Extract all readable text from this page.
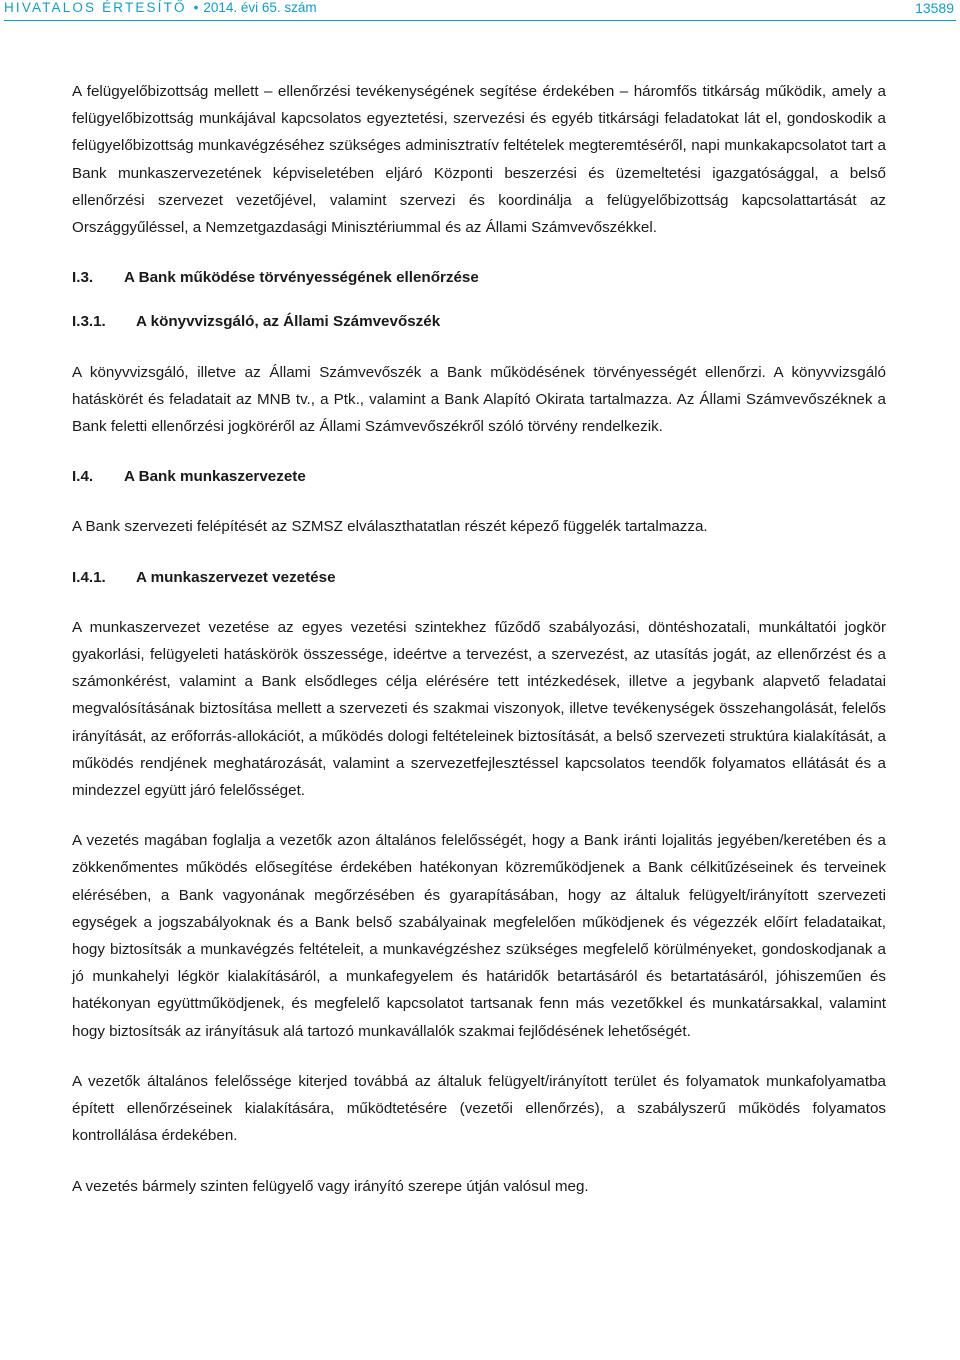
HIVATALOS ÉRTESÍTŐ • 2014. évi 65. szám	13589

A felügyelőbizottság mellett – ellenőrzési tevékenységének segítése érdekében – háromfős titkárság működik, amely a felügyelőbizottság munkájával kapcsolatos egyeztetési, szervezési és egyéb titkársági feladatokat lát el, gondoskodik a felügyelőbizottság munkavégzéséhez szükséges adminisztratív feltételek megteremtéséről, napi munkakapcsolatot tart a Bank munkaszervezetének képviseletében eljáró Központi beszerzési és üzemeltetési igazgatósággal, a belső ellenőrzési szervezet vezetőjével, valamint szervezi és koordinálja a felügyelőbizottság kapcsolattartását az Országgyűléssel, a Nemzetgazdasági Minisztériummal és az Állami Számvevőszékkel.

I.3. A Bank működése törvényességének ellenőrzése
I.3.1. A könyvvizsgáló, az Állami Számvevőszék

A könyvvizsgáló, illetve az Állami Számvevőszék a Bank működésének törvényességét ellenőrzi. A könyvvizsgáló hatáskörét és feladatait az MNB tv., a Ptk., valamint a Bank Alapító Okirata tartalmazza. Az Állami Számvevőszéknek a Bank feletti ellenőrzési jogköréről az Állami Számvevőszékről szóló törvény rendelkezik.

I.4. A Bank munkaszervezete

A Bank szervezeti felépítését az SZMSZ elválaszthatatlan részét képező függelék tartalmazza.

I.4.1. A munkaszervezet vezetése

A munkaszervezet vezetése az egyes vezetési szintekhez fűződő szabályozási, döntéshozatali, munkáltatói jogkör gyakorlási, felügyeleti hatáskörök összessége, ideértve a tervezést, a szervezést, az utasítás jogát, az ellenőrzést és a számonkérést, valamint a Bank elsődleges célja elérésére tett intézkedések, illetve a jegybank alapvető feladatai megvalósításának biztosítása mellett a szervezeti és szakmai viszonyok, illetve tevékenységek összehangolását, felelős irányítását, az erőforrás-allokációt, a működés dologi feltételeinek biztosítását, a belső szervezeti struktúra kialakítását, a működés rendjének meghatározását, valamint a szervezetfejlesztéssel kapcsolatos teendők folyamatos ellátását és a mindezzel együtt járó felelősséget.

A vezetés magában foglalja a vezetők azon általános felelősségét, hogy a Bank iránti lojalitás jegyében/keretében és a zökkenőmentes működés elősegítése érdekében hatékonyan közreműködjenek a Bank célkitűzéseinek és terveinek elérésében, a Bank vagyonának megőrzésében és gyarapításában, hogy az általuk felügyelt/irányított szervezeti egységek a jogszabályoknak és a Bank belső szabályainak megfelelően működjenek és végezzék előírt feladataikat, hogy biztosítsák a munkavégzés feltételeit, a munkavégzéshez szükséges megfelelő körülményeket, gondoskodjanak a jó munkahelyi légkör kialakításáról, a munkafegyelem és határidők betartásáról és betartatásáról, jóhiszeműen és hatékonyan együttműködjenek, és megfelelő kapcsolatot tartsanak fenn más vezetőkkel és munkatársakkal, valamint hogy biztosítsák az irányításuk alá tartozó munkavállalók szakmai fejlődésének lehetőségét.

A vezetők általános felelőssége kiterjed továbbá az általuk felügyelt/irányított terület és folyamatok munkafolyamatba épített ellenőrzéseinek kialakítására, működtetésére (vezetői ellenőrzés), a szabályszerű működés folyamatos kontrollálása érdekében.

A vezetés bármely szinten felügyelő vagy irányító szerepe útján valósul meg.
